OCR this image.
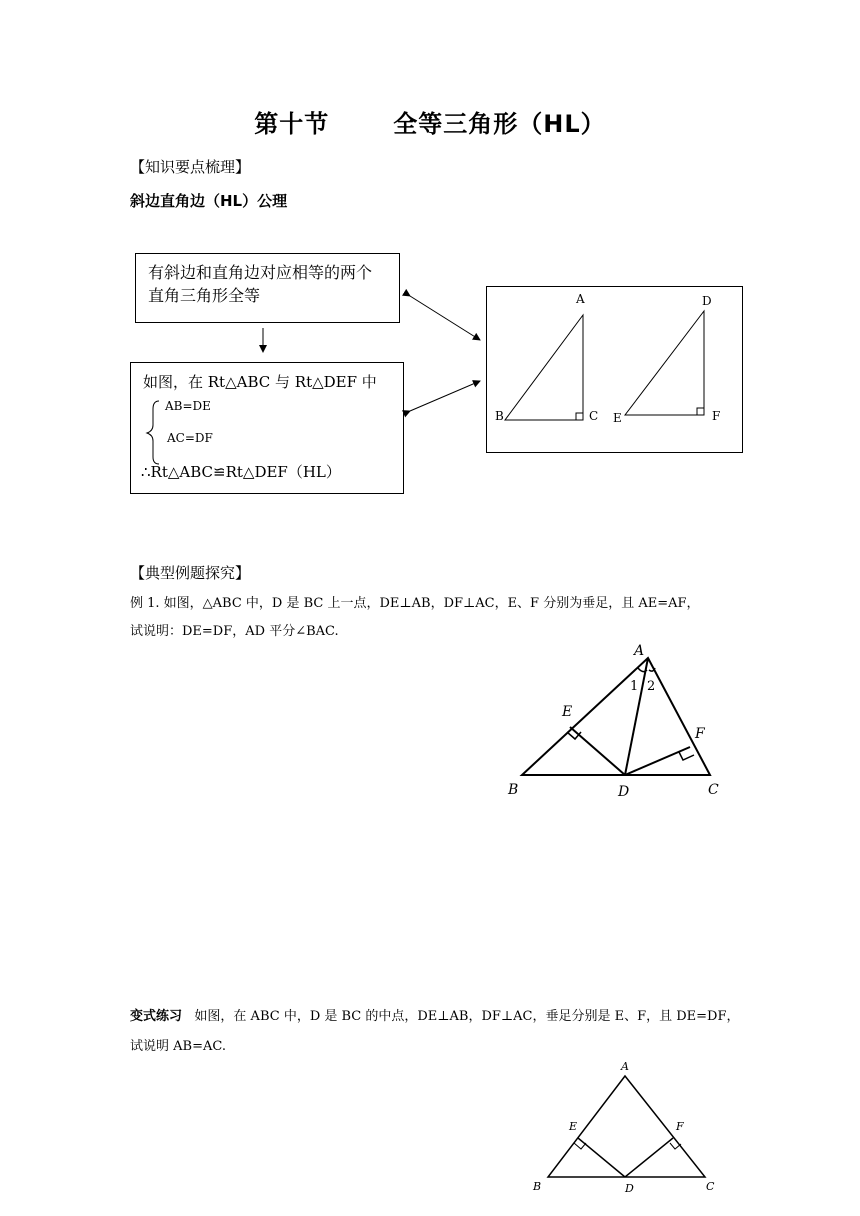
第十节	全等三角形（HL）
【知识要点梳理】
斜边直角边（HL）公理
有斜边和直角边对应相等的两个直角三角形全等
如图，在 Rt△ABC 与 Rt△DEF 中
AB=DE
AC=DF
∴Rt△ABC≌Rt△DEF（HL）
A
B	C
D
E	F
【典型例题探究】
例 1. 如图，△ABC 中，D 是 BC 上一点，DE⊥AB，DF⊥AC，E、F 分别为垂足，且 AE=AF，
试说明：DE=DF，AD 平分∠BAC.
A
B	C
D
E
F
1 2
变式练习 如图，在 ABC 中，D 是 BC 的中点，DE⊥AB，DF⊥AC，垂足分别是 E、F，且 DE=DF，
试说明 AB=AC.
A
B	C
D
E	F
